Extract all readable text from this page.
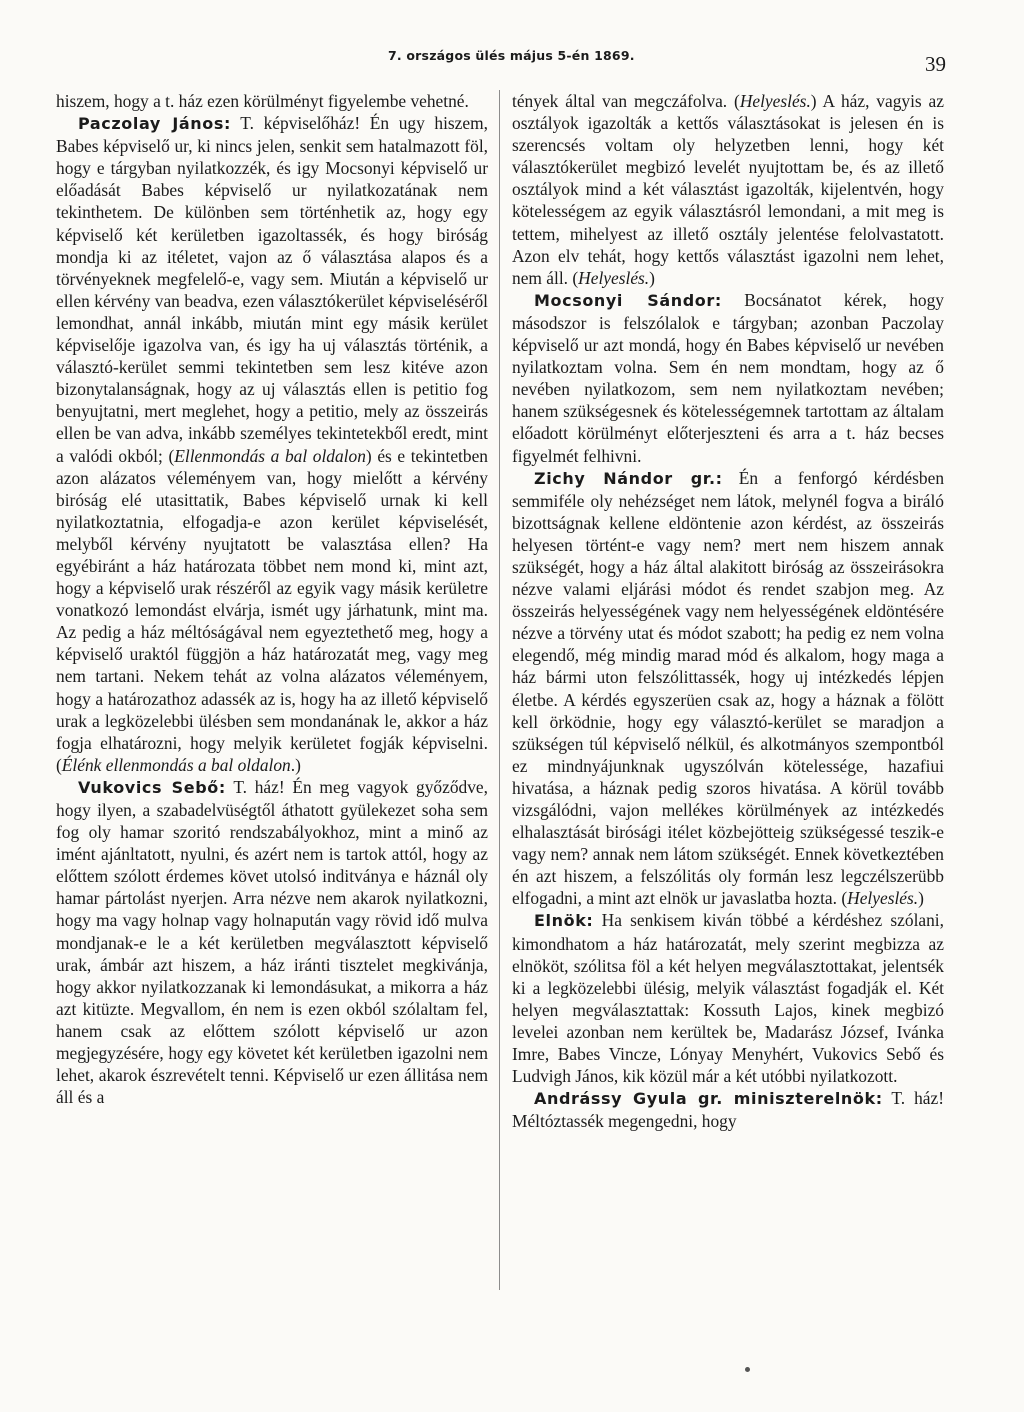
7. országos ülés május 5-én 1869.	39

hiszem, hogy a t. ház ezen körülményt figyelembe vehetné.

Paczolay János: T. képviselőház! Én ugy hiszem, Babes képviselő ur, ki nincs jelen, senkit sem hatalmazott föl, hogy e tárgyban nyilatkozzék, és igy Mocsonyi képviselő ur előadását Babes képviselő ur nyilatkozatának nem tekinthetem. De különben sem történhetik az, hogy egy képviselő két kerületben igazoltassék, és hogy biróság mondja ki az itéletet, vajon az ő választása alapos és a törvényeknek megfelelő-e, vagy sem. Miután a képviselő ur ellen kérvény van beadva, ezen választókerület képviseléséről lemondhat, annál inkább, miután mint egy másik kerület képviselője igazolva van, és igy ha uj választás történik, a választó-kerület semmi tekintetben sem lesz kitéve azon bizonytalanságnak, hogy az uj választás ellen is petitio fog benyujtatni, mert meglehet, hogy a petitio, mely az összeirás ellen be van adva, inkább személyes tekintetekből eredt, mint a valódi okból; (Ellenmondás a bal oldalon) és e tekintetben azon alázatos véleményem van, hogy mielőtt a kérvény biróság elé utasittatik, Babes képviselő urnak ki kell nyilatkoztatnia, elfogadja-e azon kerület képviselését, melyből kérvény nyujtatott be valasztása ellen? Ha egyébiránt a ház határozata többet nem mond ki, mint azt, hogy a képviselő urak részéről az egyik vagy másik kerületre vonatkozó lemondást elvárja, ismét ugy járhatunk, mint ma. Az pedig a ház méltóságával nem egyeztethető meg, hogy a képviselő uraktól függjön a ház határozatát meg, vagy meg nem tartani. Nekem tehát az volna alázatos véleményem, hogy a határozathoz adassék az is, hogy ha az illető képviselő urak a legközelebbi ülésben sem mondanának le, akkor a ház fogja elhatározni, hogy melyik kerületet fogják képviselni. (Élénk ellenmondás a bal oldalon.)

Vukovics Sebő: T. ház! Én meg vagyok győződve, hogy ilyen, a szabadelvüségtől áthatott gyülekezet soha sem fog oly hamar szoritó rendszabályokhoz, mint a minő az imént ajánltatott, nyulni, és azért nem is tartok attól, hogy az előttem szólott érdemes követ utolsó inditványa e háznál oly hamar pártolást nyerjen. Arra nézve nem akarok nyilatkozni, hogy ma vagy holnap vagy holnapután vagy rövid idő mulva mondjanak-e le a két kerületben megválasztott képviselő urak, ámbár azt hiszem, a ház iránti tisztelet megkivánja, hogy akkor nyilatkozzanak ki lemondásukat, a mikorra a ház azt kitüzte. Megvallom, én nem is ezen okból szólaltam fel, hanem csak az előttem szólott képviselő ur azon megjegyzésére, hogy egy követet két kerületben igazolni nem lehet, akarok észrevételt tenni. Képviselő ur ezen állitása nem áll és a

tények által van megczáfolva. (Helyeslés.) A ház, vagyis az osztályok igazolták a kettős választásokat is jelesen én is szerencsés voltam oly helyzetben lenni, hogy két választókerület megbizó levelét nyujtottam be, és az illető osztályok mind a két választást igazolták, kijelentvén, hogy kötelességem az egyik választásról lemondani, a mit meg is tettem, mihelyest az illető osztály jelentése felolvastatott. Azon elv tehát, hogy kettős választást igazolni nem lehet, nem áll. (Helyeslés.)

Mocsonyi Sándor: Bocsánatot kérek, hogy másodszor is felszólalok e tárgyban; azonban Paczolay képviselő ur azt mondá, hogy én Babes képviselő ur nevében nyilatkoztam volna. Sem én nem mondtam, hogy az ő nevében nyilatkozom, sem nem nyilatkoztam nevében; hanem szükségesnek és kötelességemnek tartottam az általam előadott körülményt előterjeszteni és arra a t. ház becses figyelmét felhivni.

Zichy Nándor gr.: Én a fenforgó kérdésben semmiféle oly nehézséget nem látok, melynél fogva a biráló bizottságnak kellene eldöntenie azon kérdést, az összeirás helyesen történt-e vagy nem? mert nem hiszem annak szükségét, hogy a ház által alakitott biróság az összeirásokra nézve valami eljárási módot és rendet szabjon meg. Az összeirás helyességének vagy nem helyességének eldöntésére nézve a törvény utat és módot szabott; ha pedig ez nem volna elegendő, még mindig marad mód és alkalom, hogy maga a ház bármi uton felszólittassék, hogy uj intézkedés lépjen életbe. A kérdés egyszerüen csak az, hogy a háznak a fölött kell örködnie, hogy egy választó-kerület se maradjon a szükségen túl képviselő nélkül, és alkotmányos szempontból ez mindnyájunknak ugyszólván kötelessége, hazafiui hivatása, a háznak pedig szoros hivatása. A körül tovább vizsgálódni, vajon mellékes körülmények az intézkedés elhalasztását birósági itélet közbejötteig szükségessé teszik-e vagy nem? annak nem látom szükségét. Ennek következtében én azt hiszem, a felszólitás oly formán lesz legczélszerübb elfogadni, a mint azt elnök ur javaslatba hozta. (Helyeslés.)

Elnök: Ha senkisem kiván többé a kérdéshez szólani, kimondhatom a ház határozatát, mely szerint megbizza az elnököt, szólitsa föl a két helyen megválasztottakat, jelentsék ki a legközelebbi ülésig, melyik választást fogadják el. Két helyen megválasztattak: Kossuth Lajos, kinek megbizó levelei azonban nem kerültek be, Madarász József, Ivánka Imre, Babes Vincze, Lónyay Menyhért, Vukovics Sebő és Ludvigh János, kik közül már a két utóbbi nyilatkozott.

Andrássy Gyula gr. miniszterelnök: T. ház! Méltóztassék megengedni, hogy
